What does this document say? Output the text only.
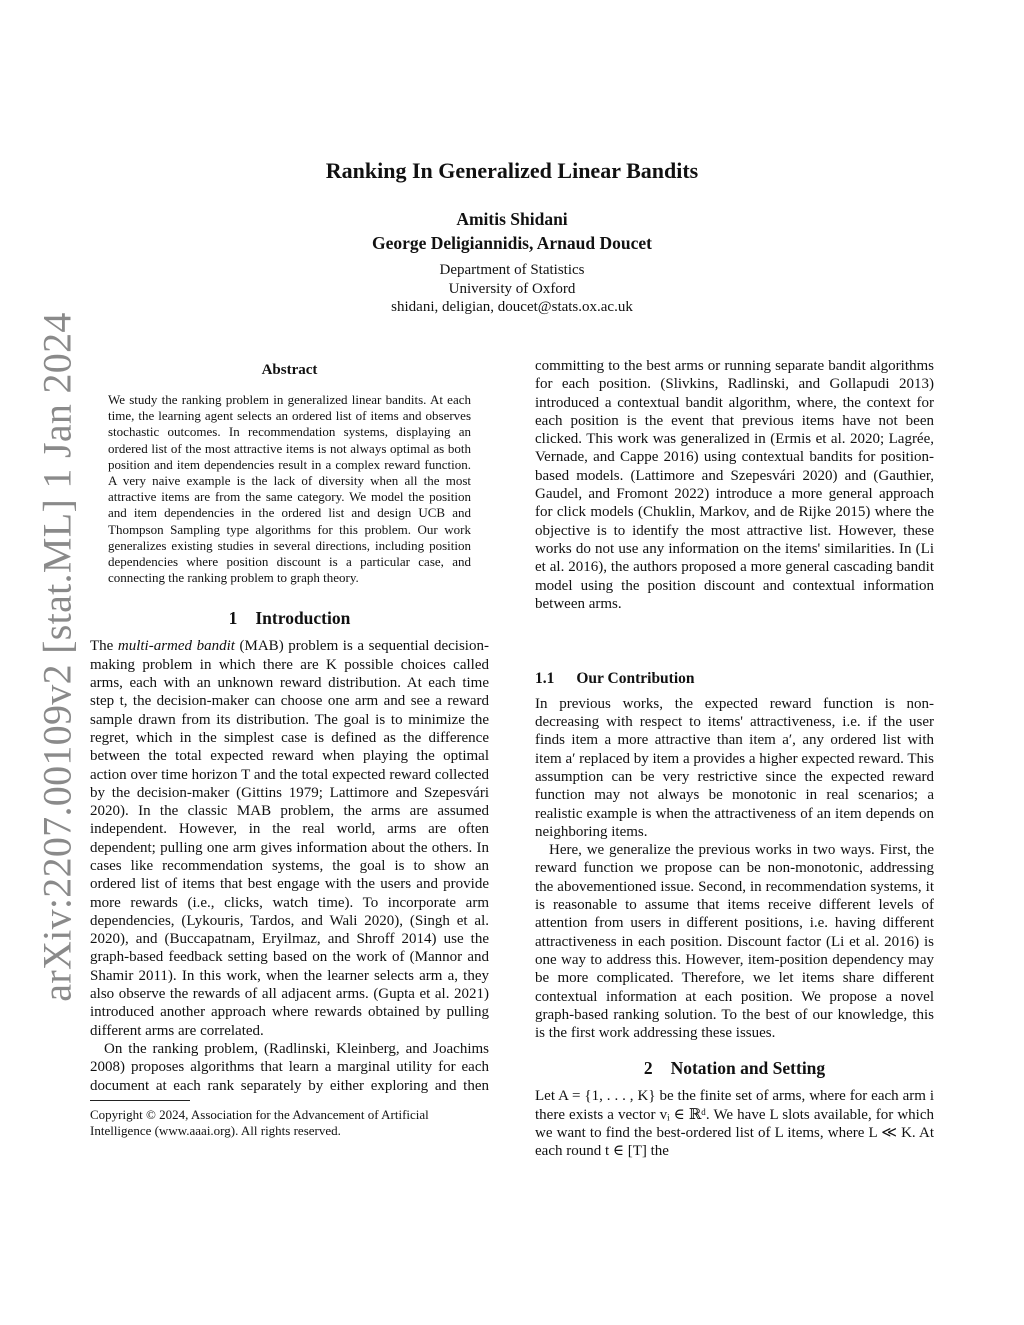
arXiv:2207.00109v2 [stat.ML] 1 Jan 2024
Ranking In Generalized Linear Bandits
Amitis Shidani
George Deligiannidis, Arnaud Doucet
Department of Statistics
University of Oxford
shidani, deligian, doucet@stats.ox.ac.uk
Abstract

We study the ranking problem in generalized linear bandits. At each time, the learning agent selects an ordered list of items and observes stochastic outcomes. In recommendation systems, displaying an ordered list of the most attractive items is not always optimal as both position and item dependencies result in a complex reward function. A very naive example is the lack of diversity when all the most attractive items are from the same category. We model the position and item dependencies in the ordered list and design UCB and Thompson Sampling type algorithms for this problem. Our work generalizes existing studies in several directions, including position dependencies where position discount is a particular case, and connecting the ranking problem to graph theory.

1 Introduction

The multi-armed bandit (MAB) problem is a sequential decision-making problem in which there are K possible choices called arms, each with an unknown reward distribution. At each time step t, the decision-maker can choose one arm and see a reward sample drawn from its distribution. The goal is to minimize the regret, which in the simplest case is defined as the difference between the total expected reward when playing the optimal action over time horizon T and the total expected reward collected by the decision-maker (Gittins 1979; Lattimore and Szepesvári 2020). In the classic MAB problem, the arms are assumed independent. However, in the real world, arms are often dependent; pulling one arm gives information about the others. In cases like recommendation systems, the goal is to show an ordered list of items that best engage with the users and provide more rewards (i.e., clicks, watch time). To incorporate arm dependencies, (Lykouris, Tardos, and Wali 2020), (Singh et al. 2020), and (Buccapatnam, Eryilmaz, and Shroff 2014) use the graph-based feedback setting based on the work of (Mannor and Shamir 2011). In this work, when the learner selects arm a, they also observe the rewards of all adjacent arms. (Gupta et al. 2021) introduced another approach where rewards obtained by pulling different arms are correlated.

On the ranking problem, (Radlinski, Kleinberg, and Joachims 2008) proposes algorithms that learn a marginal utility for each document at each rank separately by either exploring and then

Copyright © 2024, Association for the Advancement of Artificial Intelligence (www.aaai.org). All rights reserved.

committing to the best arms or running separate bandit algorithms for each position. (Slivkins, Radlinski, and Gollapudi 2013) introduced a contextual bandit algorithm, where, the context for each position is the event that previous items have not been clicked. This work was generalized in (Ermis et al. 2020; Lagrée, Vernade, and Cappe 2016) using contextual bandits for position-based models. (Lattimore and Szepesvári 2020) and (Gauthier, Gaudel, and Fromont 2022) introduce a more general approach for click models (Chuklin, Markov, and de Rijke 2015) where the objective is to identify the most attractive list. However, these works do not use any information on the items' similarities. In (Li et al. 2016), the authors proposed a more general cascading bandit model using the position discount and contextual information between arms.

1.1 Our Contribution

In previous works, the expected reward function is non-decreasing with respect to items' attractiveness, i.e. if the user finds item a more attractive than item a′, any ordered list with item a′ replaced by item a provides a higher expected reward. This assumption can be very restrictive since the expected reward function may not always be monotonic in real scenarios; a realistic example is when the attractiveness of an item depends on neighboring items.

Here, we generalize the previous works in two ways. First, the reward function we propose can be non-monotonic, addressing the abovementioned issue. Second, in recommendation systems, it is reasonable to assume that items receive different levels of attention from users in different positions, i.e. having different attractiveness in each position. Discount factor (Li et al. 2016) is one way to address this. However, item-position dependency may be more complicated. Therefore, we let items share different contextual information at each position. We propose a novel graph-based ranking solution. To the best of our knowledge, this is the first work addressing these issues.

2 Notation and Setting

Let A = {1, . . . , K} be the finite set of arms, where for each arm i there exists a vector vᵢ ∈ ℝᵈ. We have L slots available, for which we want to find the best-ordered list of L items, where L ≪ K. At each round t ∈ [T] the
